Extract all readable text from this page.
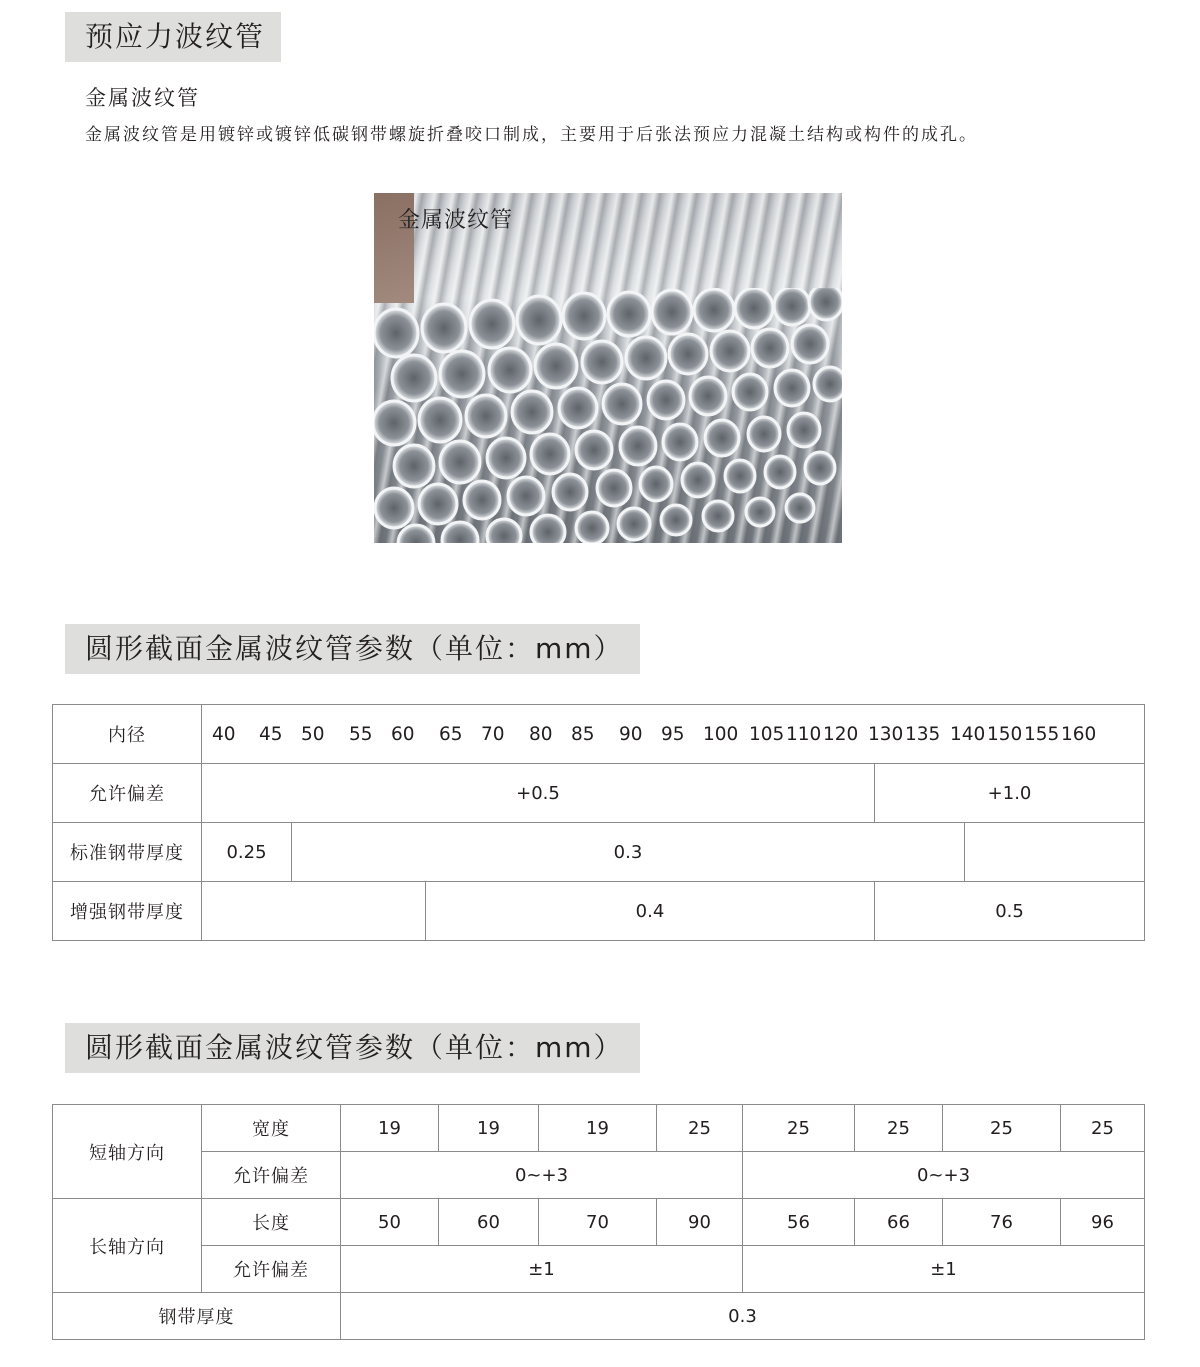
预应力波纹管
金属波纹管
金属波纹管是用镀锌或镀锌低碳钢带螺旋折叠咬口制成，主要用于后张法预应力混凝土结构或构件的成孔。
金属波纹管
圆形截面金属波纹管参数（单位：mm）
内径	40 45 50 55 60 65 70 80 85 90 95 100 105110120 130135 140150155160				
允许偏差	+0.5			+1.0	
标准钢带厚度	0.25	0.3			
增强钢带厚度			0.4	0.5	
圆形截面金属波纹管参数（单位：mm）
短轴方向	宽度	19	19	19	25	25	25	25	25
	允许偏差	0~+3				0~+3			
长轴方向	长度	50	60	70	90	56	66	76	96
	允许偏差	±1				±1			
钢带厚度		0.3							
